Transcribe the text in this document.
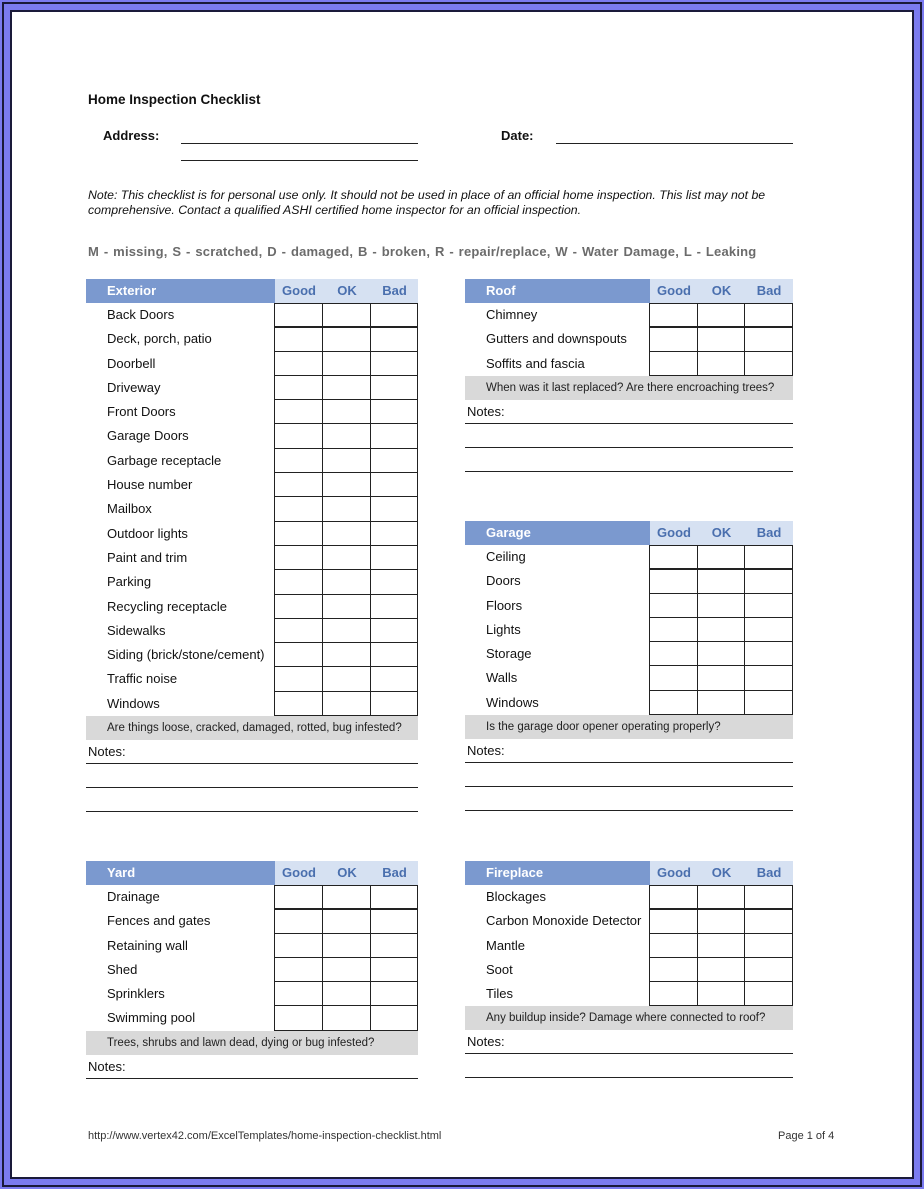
Home Inspection Checklist
Address:	Date:
Note: This checklist is for personal use only. It should not be used in place of an official home inspection. This list may not be comprehensive. Contact a qualified ASHI certified home inspector for an official inspection.
M - missing, S - scratched, D - damaged, B - broken, R - repair/replace, W - Water Damage, L - Leaking
Exterior	Good	OK	Bad
Back Doors
Deck, porch, patio
Doorbell
Driveway
Front Doors
Garage Doors
Garbage receptacle
House number
Mailbox
Outdoor lights
Paint and trim
Parking
Recycling receptacle
Sidewalks
Siding (brick/stone/cement)
Traffic noise
Windows
Are things loose, cracked, damaged, rotted, bug infested?
Notes:
Roof	Good	OK	Bad
Chimney
Gutters and downspouts
Soffits and fascia
When was it last replaced? Are there encroaching trees?
Notes:
Garage	Good	OK	Bad
Ceiling
Doors
Floors
Lights
Storage
Walls
Windows
Is the garage door opener operating properly?
Notes:
Yard	Good	OK	Bad
Drainage
Fences and gates
Retaining wall
Shed
Sprinklers
Swimming pool
Trees, shrubs and lawn dead, dying or bug infested?
Notes:
Fireplace	Good	OK	Bad
Blockages
Carbon Monoxide Detector
Mantle
Soot
Tiles
Any buildup inside? Damage where connected to roof?
Notes:
http://www.vertex42.com/ExcelTemplates/home-inspection-checklist.html	Page 1 of 4
